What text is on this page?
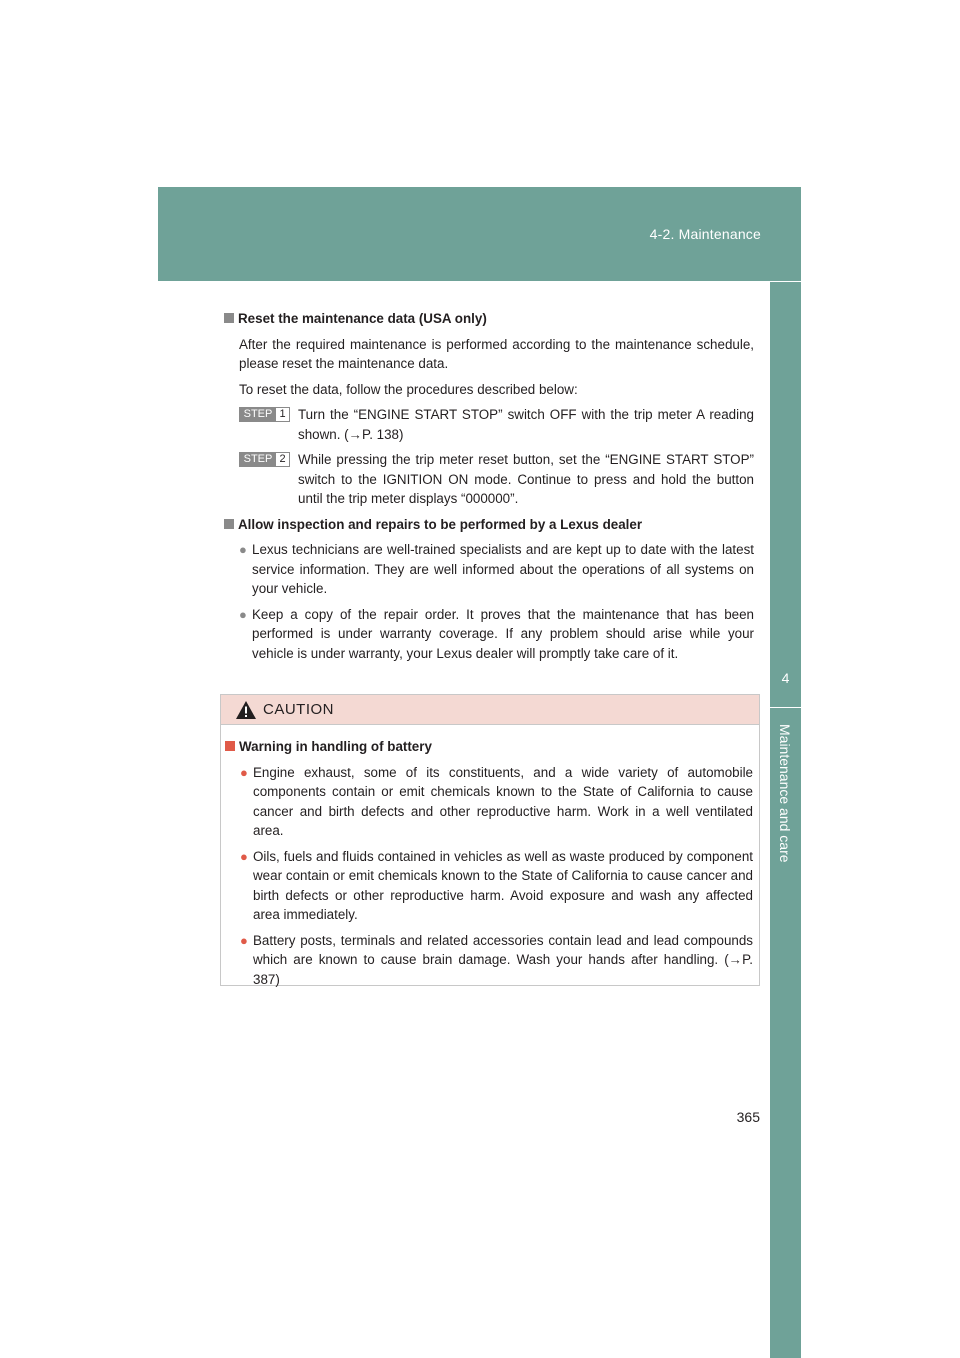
4-2. Maintenance
4
Maintenance and care
Reset the maintenance data (USA only)
After the required maintenance is performed according to the maintenance schedule, please reset the maintenance data.
To reset the data, follow the procedures described below:
STEP 1 Turn the “ENGINE START STOP” switch OFF with the trip meter A reading shown. (→P. 138)
STEP 2 While pressing the trip meter reset button, set the “ENGINE START STOP” switch to the IGNITION ON mode. Continue to press and hold the button until the trip meter displays “000000”.
Allow inspection and repairs to be performed by a Lexus dealer
● Lexus technicians are well-trained specialists and are kept up to date with the latest service information. They are well informed about the operations of all systems on your vehicle.
● Keep a copy of the repair order. It proves that the maintenance that has been performed is under warranty coverage. If any problem should arise while your vehicle is under warranty, your Lexus dealer will promptly take care of it.
CAUTION
Warning in handling of battery
● Engine exhaust, some of its constituents, and a wide variety of automobile components contain or emit chemicals known to the State of California to cause cancer and birth defects and other reproductive harm. Work in a well ventilated area.
● Oils, fuels and fluids contained in vehicles as well as waste produced by component wear contain or emit chemicals known to the State of California to cause cancer and birth defects or other reproductive harm. Avoid exposure and wash any affected area immediately.
● Battery posts, terminals and related accessories contain lead and lead compounds which are known to cause brain damage. Wash your hands after handling. (→P. 387)
365
